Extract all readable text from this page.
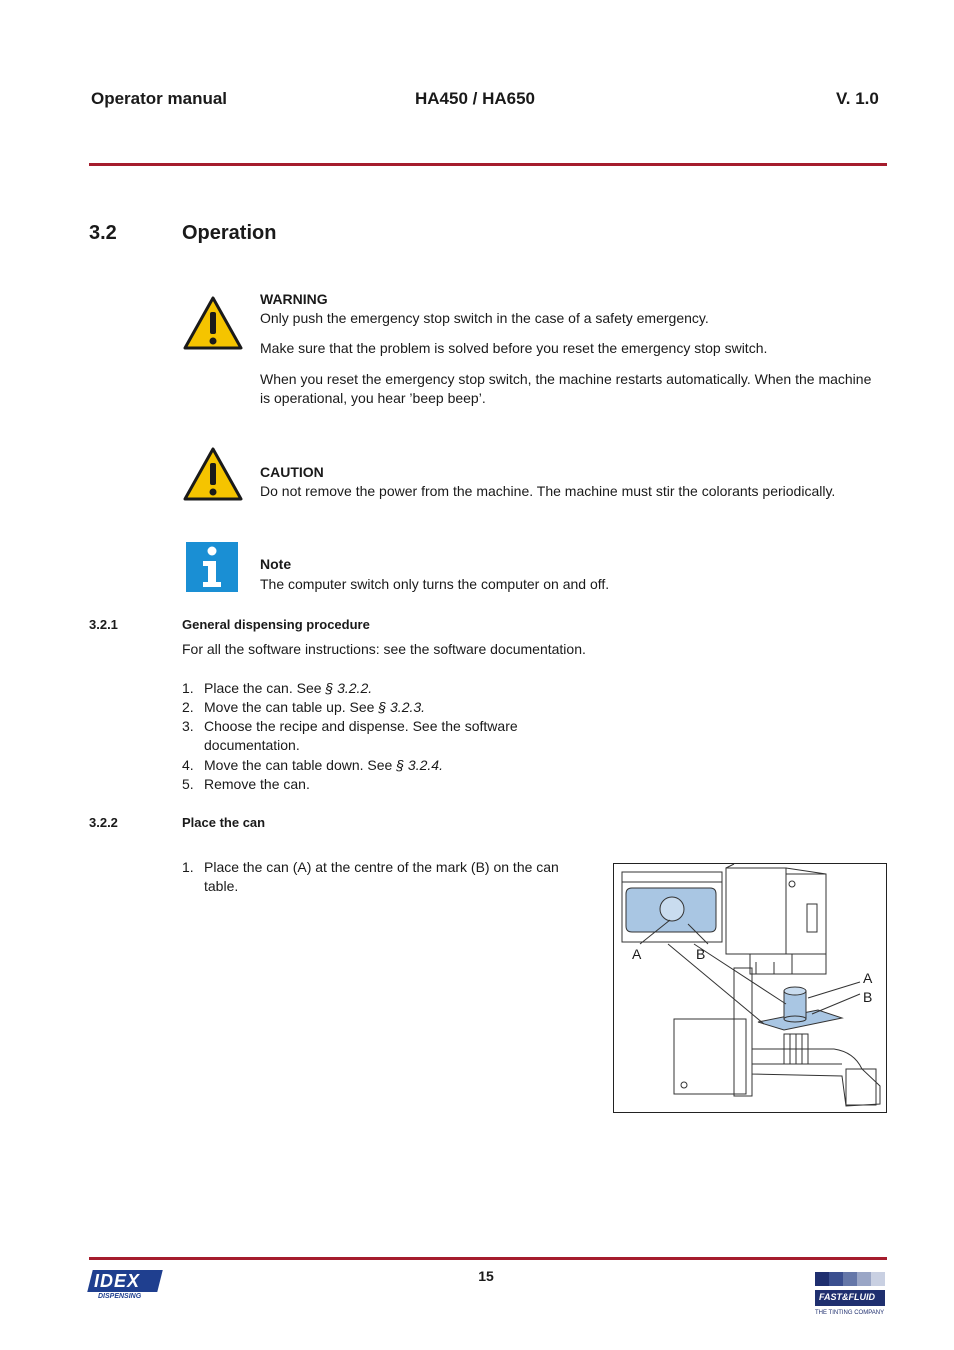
Operator manual	HA450 / HA650	V. 1.0
3.2	Operation
WARNING
Only push the emergency stop switch in the case of a safety emergency.
Make sure that the problem is solved before you reset the emergency stop switch.
When you reset the emergency stop switch, the machine restarts automatically. When the machine is operational, you hear ’beep beep’.
CAUTION
Do not remove the power from the machine. The machine must stir the colorants periodically.
Note
The computer switch only turns the computer on and off.
3.2.1	General dispensing procedure
For all the software instructions: see the software documentation.
1. Place the can. See § 3.2.2.
2. Move the can table up. See § 3.2.3.
3. Choose the recipe and dispense. See the software documentation.
4. Move the can table down. See § 3.2.4.
5. Remove the can.
3.2.2	Place the can
1. Place the can (A) at the centre of the mark (B) on the can table.
A	B
A
B
15
IDEX
DISPENSING	FAST&FLUID
THE TINTING COMPANY
